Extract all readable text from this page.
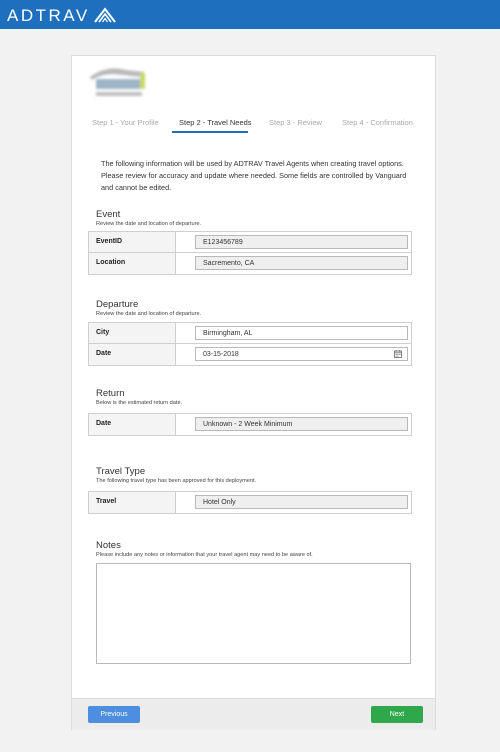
ADTRAV
Step 1 - Your Profile	Step 2 - Travel Needs Step 3 - Review	Step 4 - Confirmation

The following information will be used by ADTRAV Travel Agents when creating travel options. Please review for accuracy and update where needed. Some fields are controlled by Vanguard and cannot be edited.

Event
Review the date and location of departure.
EventID	E123456789
Location	Sacremento, CA
Departure
Review the date and location of departure.
City	Birmingham, AL
Date	03-15-2018
Return
Below is the estimated return date.
Date	Unknown - 2 Week Minimum
Travel Type
The following travel type has been approved for this deployment.
Travel	Hotel Only
Notes
Please include any notes or information that your travel agent may need to be aware of.
Previous	Next
